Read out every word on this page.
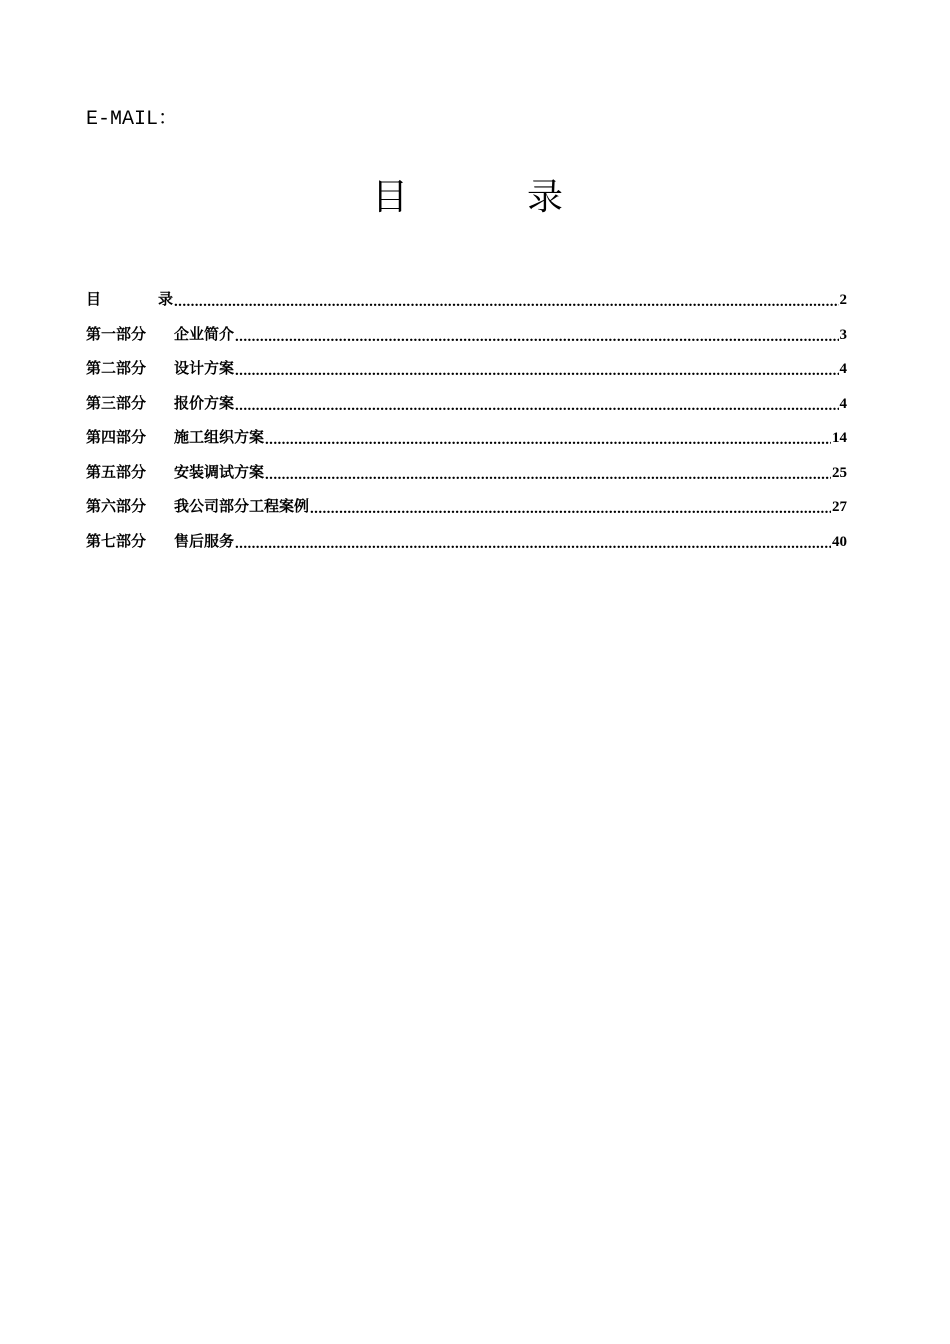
E-MAIL：
目	录
目	录 .....	2
第一部分	企业简介 .....	3
第二部分	设计方案 .....	4
第三部分	报价方案 .....	4
第四部分	施工组织方案 .....	14
第五部分	安装调试方案 .....	25
第六部分	我公司部分工程案例 .....	27
第七部分	售后服务 .....	40
